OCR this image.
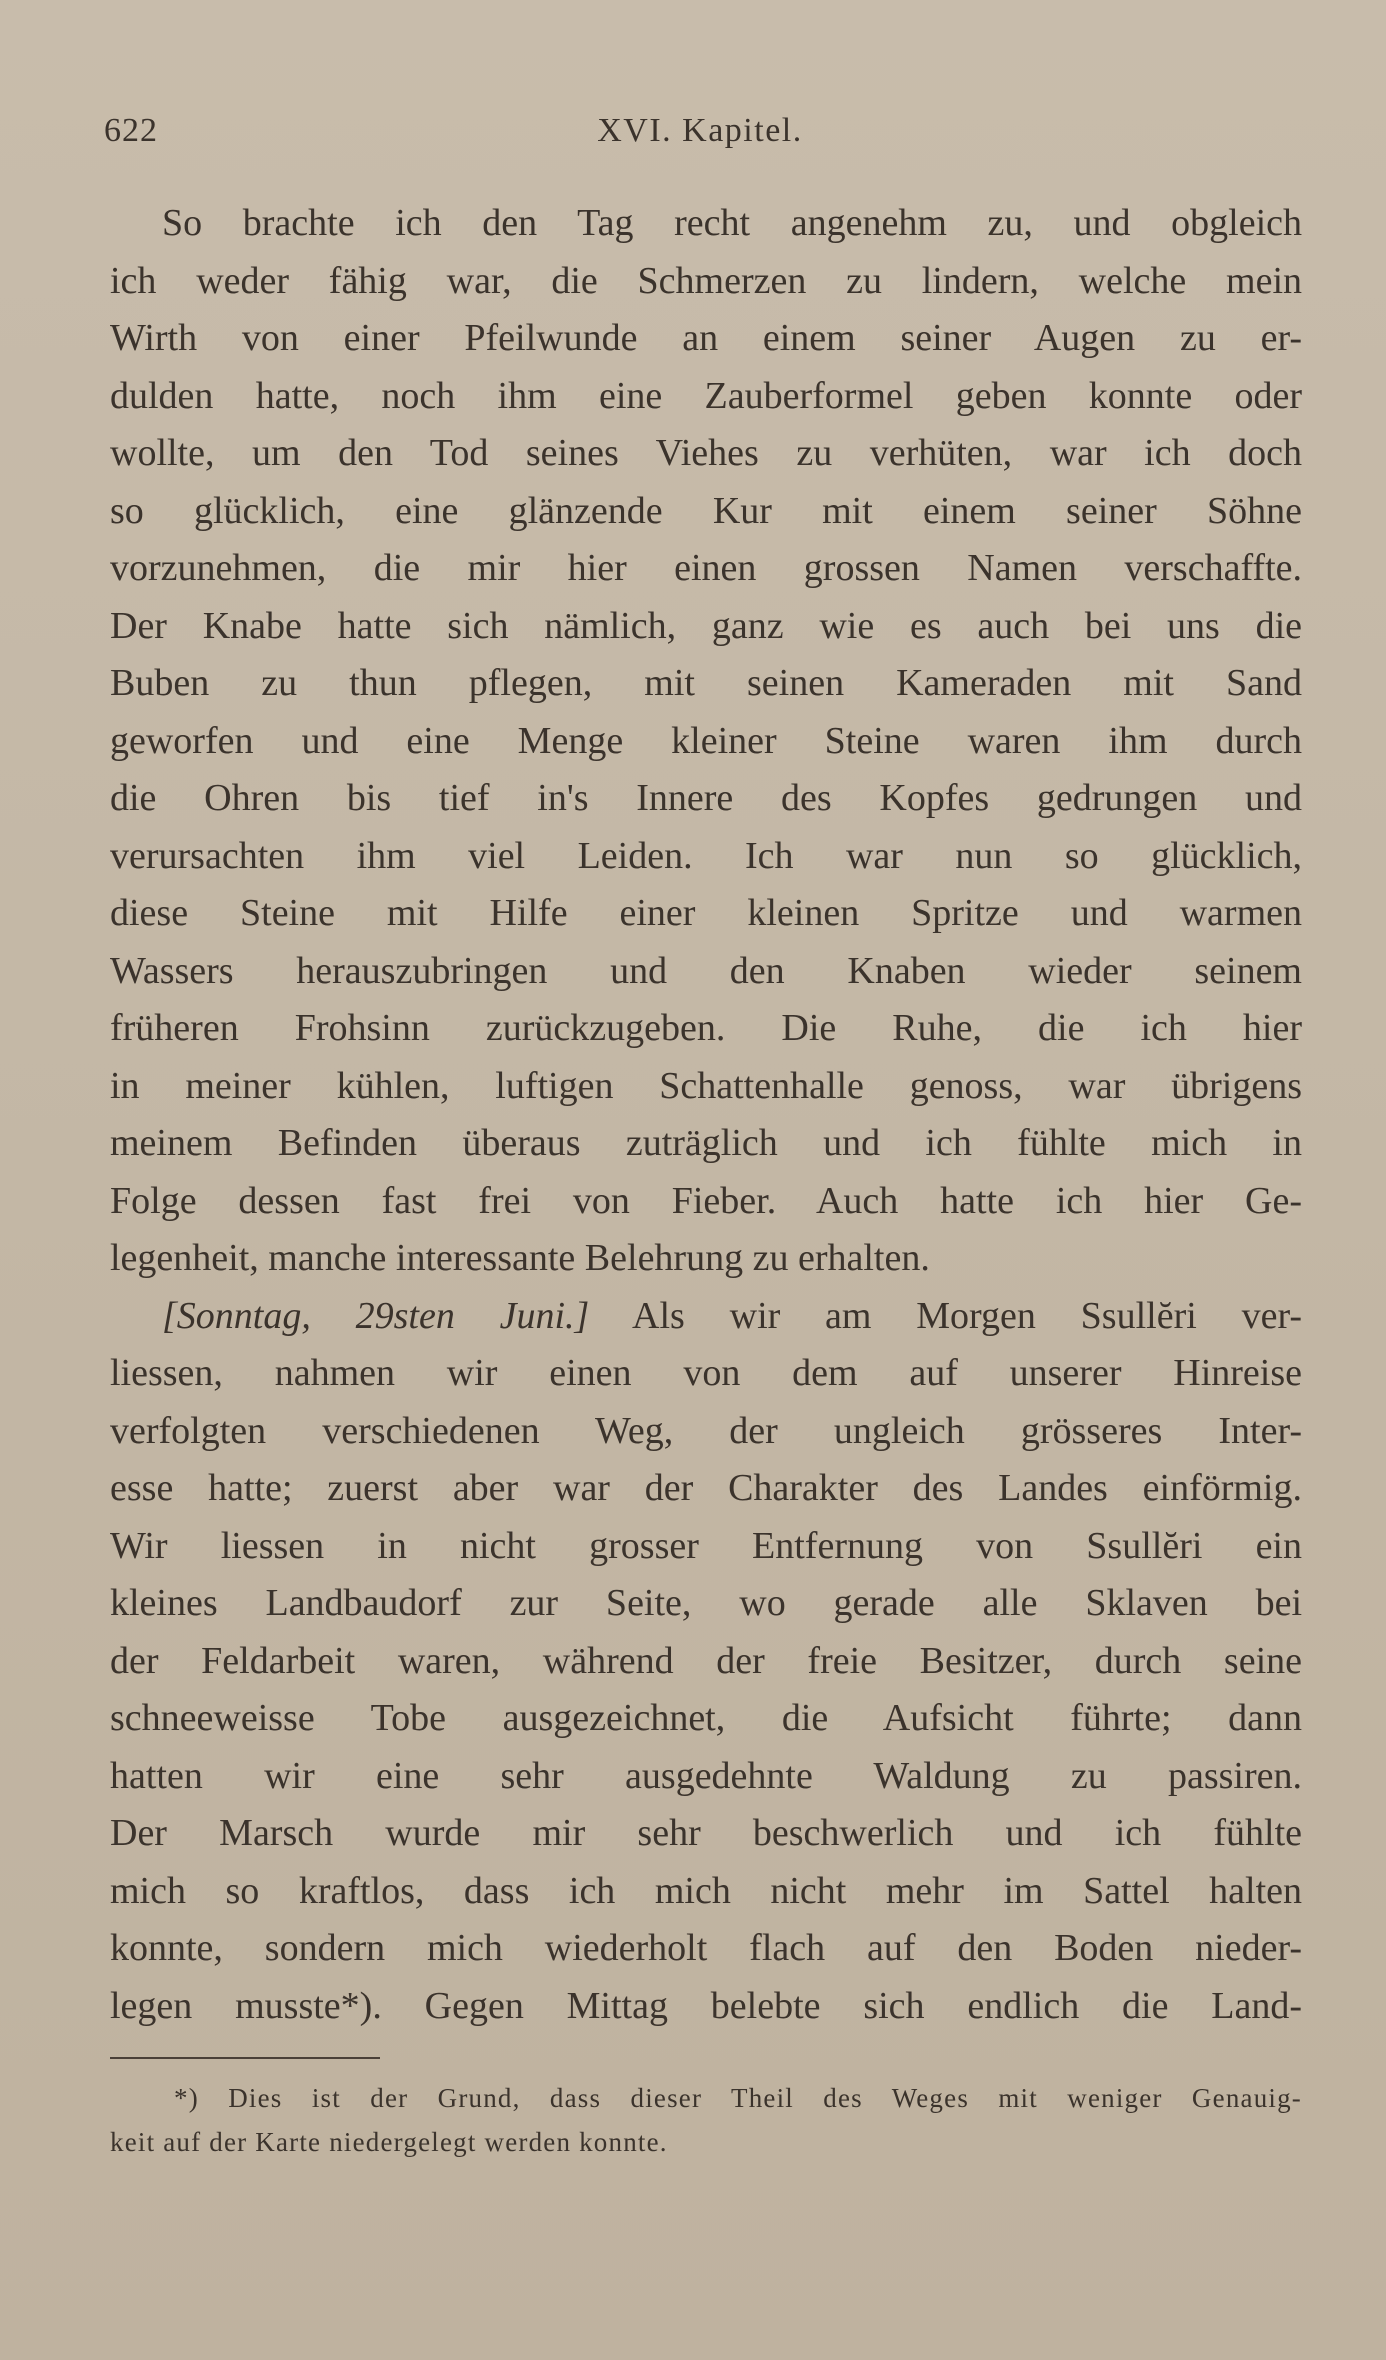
622	XVI. Kapitel.
So brachte ich den Tag recht angenehm zu, und obgleich
ich weder fähig war, die Schmerzen zu lindern, welche mein
Wirth von einer Pfeilwunde an einem seiner Augen zu er-
dulden hatte, noch ihm eine Zauberformel geben konnte oder
wollte, um den Tod seines Viehes zu verhüten, war ich doch
so glücklich, eine glänzende Kur mit einem seiner Söhne
vorzunehmen, die mir hier einen grossen Namen verschaffte.
Der Knabe hatte sich nämlich, ganz wie es auch bei uns die
Buben zu thun pflegen, mit seinen Kameraden mit Sand
geworfen und eine Menge kleiner Steine waren ihm durch
die Ohren bis tief in's Innere des Kopfes gedrungen und
verursachten ihm viel Leiden. Ich war nun so glücklich,
diese Steine mit Hilfe einer kleinen Spritze und warmen
Wassers herauszubringen und den Knaben wieder seinem
früheren Frohsinn zurückzugeben. Die Ruhe, die ich hier
in meiner kühlen, luftigen Schattenhalle genoss, war übrigens
meinem Befinden überaus zuträglich und ich fühlte mich in
Folge dessen fast frei von Fieber. Auch hatte ich hier Ge-
legenheit, manche interessante Belehrung zu erhalten.
[Sonntag, 29sten Juni.] Als wir am Morgen Ssullĕri ver-
liessen, nahmen wir einen von dem auf unserer Hinreise
verfolgten verschiedenen Weg, der ungleich grösseres Inter-
esse hatte; zuerst aber war der Charakter des Landes einförmig.
Wir liessen in nicht grosser Entfernung von Ssullĕri ein
kleines Landbaudorf zur Seite, wo gerade alle Sklaven bei
der Feldarbeit waren, während der freie Besitzer, durch seine
schneeweisse Tobe ausgezeichnet, die Aufsicht führte; dann
hatten wir eine sehr ausgedehnte Waldung zu passiren.
Der Marsch wurde mir sehr beschwerlich und ich fühlte
mich so kraftlos, dass ich mich nicht mehr im Sattel halten
konnte, sondern mich wiederholt flach auf den Boden nieder-
legen musste*). Gegen Mittag belebte sich endlich die Land-
*) Dies ist der Grund, dass dieser Theil des Weges mit weniger Genauig-
keit auf der Karte niedergelegt werden konnte.
